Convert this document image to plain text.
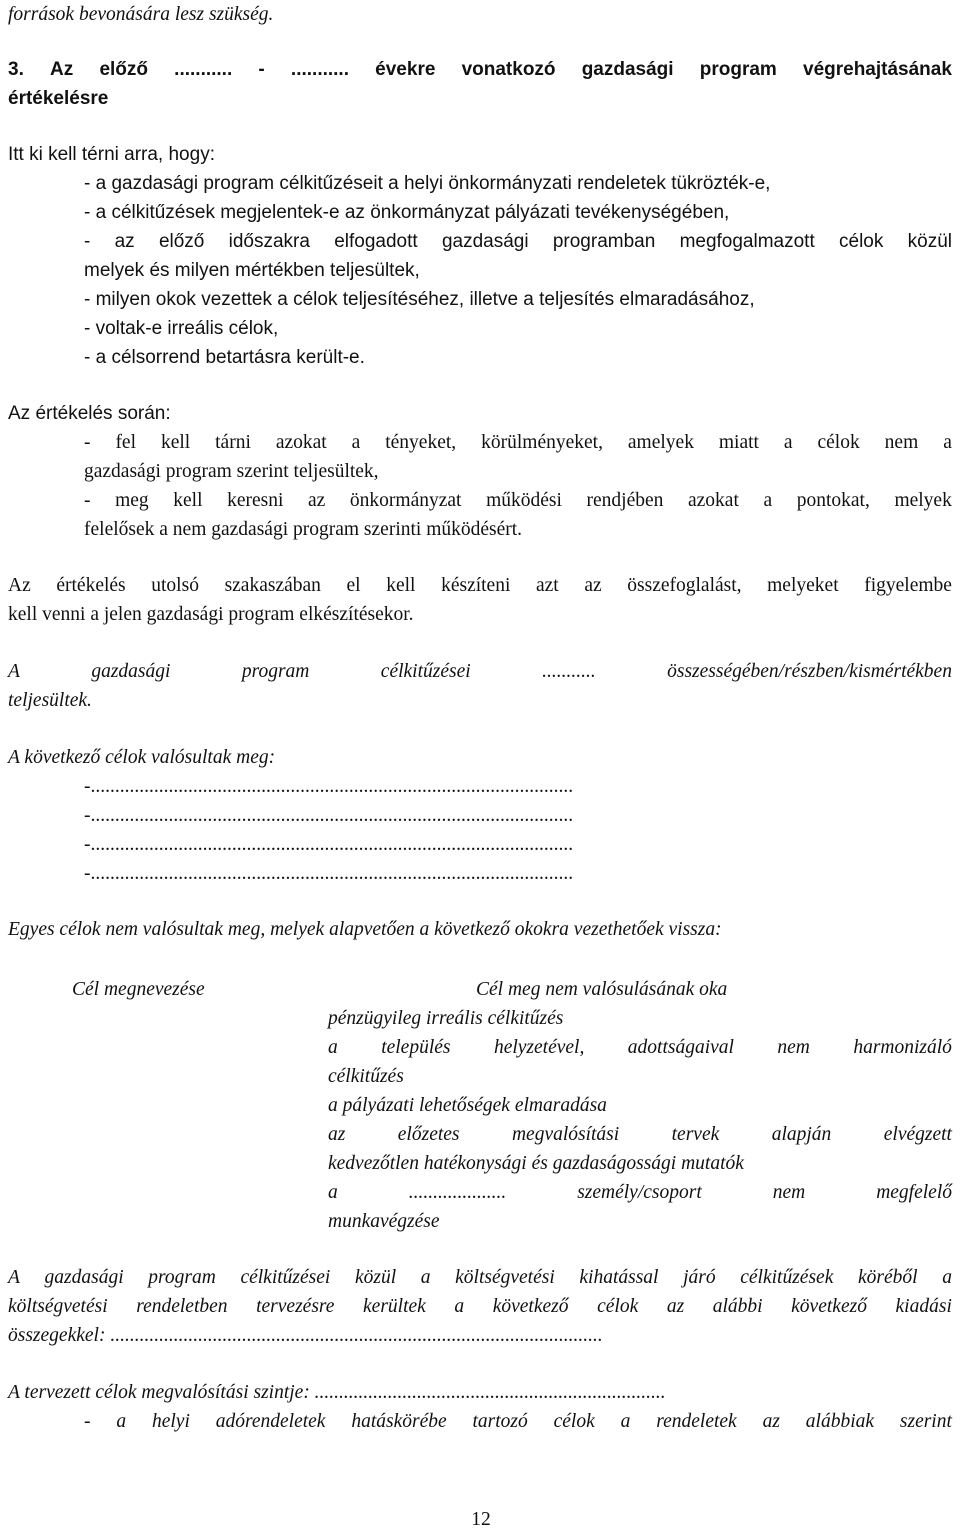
források bevonására lesz szükség.
3. Az előző ........... - ........... évekre vonatkozó gazdasági program végrehajtásának
értékelésre
Itt ki kell térni arra, hogy:
- a gazdasági program célkitűzéseit a helyi önkormányzati rendeletek tükrözték-e,
- a célkitűzések megjelentek-e az önkormányzat pályázati tevékenységében,
- az előző időszakra elfogadott gazdasági programban megfogalmazott célok közül
melyek és milyen mértékben teljesültek,
- milyen okok vezettek a célok teljesítéséhez, illetve a teljesítés elmaradásához,
- voltak-e irreális célok,
- a célsorrend betartásra került-e.
Az értékelés során:
- fel kell tárni azokat a tényeket, körülményeket, amelyek miatt a célok nem a
gazdasági program szerint teljesültek,
- meg kell keresni az önkormányzat működési rendjében azokat a pontokat, melyek
felelősek a nem gazdasági program szerinti működésért.
Az értékelés utolsó szakaszában el kell készíteni azt az összefoglalást, melyeket figyelembe
kell venni a jelen gazdasági program elkészítésekor.
A	gazdasági	program	célkitűzései	...........	összességében/részben/kismértékben
teljesültek.
A következő célok valósultak meg:
-...................................................................................................
-...................................................................................................
-...................................................................................................
-...................................................................................................
Egyes célok nem valósultak meg, melyek alapvetően a következő okokra vezethetőek vissza:
Cél megnevezése	Cél meg nem valósulásának oka
pénzügyileg irreális célkitűzés
a település helyzetével, adottságaival nem harmonizáló
célkitűzés
a pályázati lehetőségek elmaradása
az	előzetes	megvalósítási	tervek	alapján	elvégzett
kedvezőtlen hatékonysági és gazdaságossági mutatók
a	....................	személy/csoport	nem	megfelelő
munkavégzése
A gazdasági program célkitűzései közül a költségvetési kihatással járó célkitűzések köréből a
költségvetési rendeletben tervezésre kerültek a következő célok az alábbi következő kiadási
összegekkel: .....................................................................................................
A tervezett célok megvalósítási szintje: ........................................................................
- a helyi adórendeletek hatáskörébe tartozó célok a rendeletek az alábbiak szerint
12
